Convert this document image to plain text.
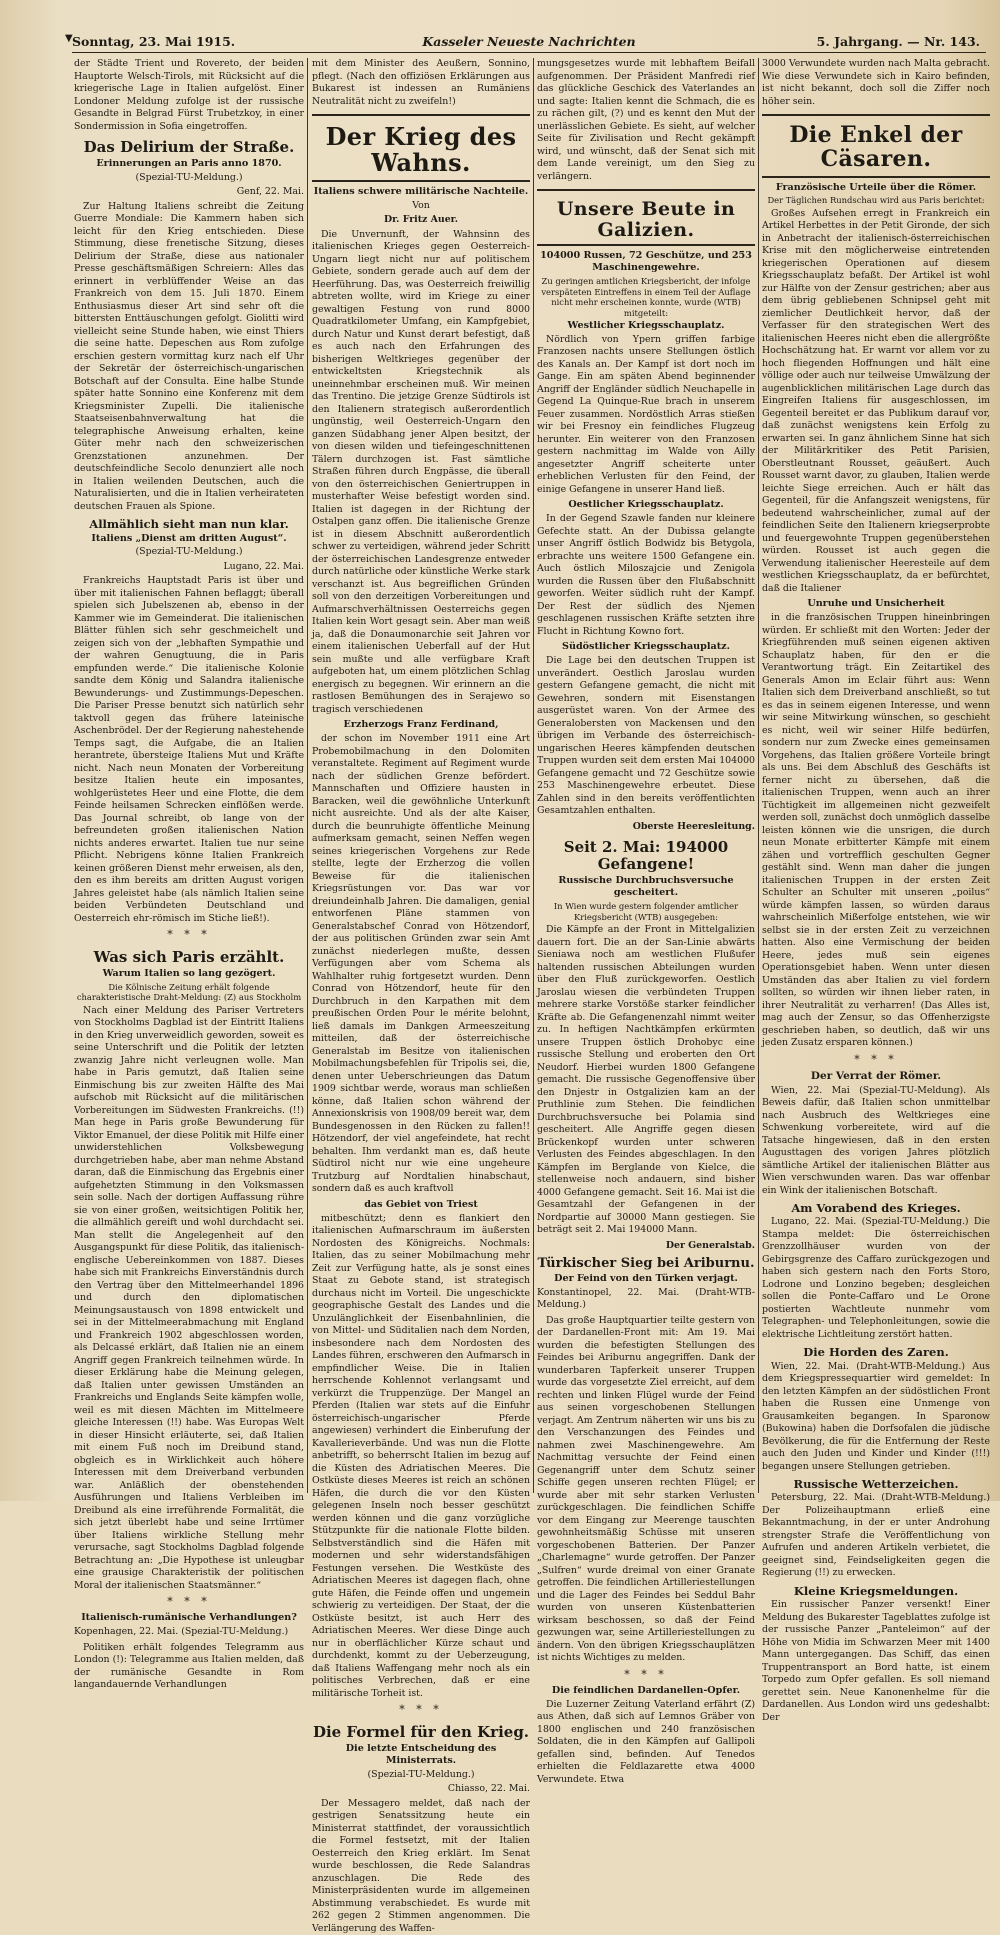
▼ Sonntag, 23. Mai 1915.	Kasseler Neueste Nachrichten	5. Jahrgang. — Nr. 143.

der Städte Trient und Rovereto, der beiden Hauptorte Welsch-Tirols, mit Rücksicht auf die kriegerische Lage in Italien aufgelöst. Einer Londoner Meldung zufolge ist der russische Gesandte in Belgrad Fürst Trubetzkoy, in einer Sondermission in Sofia eingetroffen.

Das Delirium der Straße.
Erinnerungen an Paris anno 1870.
(Spezial-TU-Meldung.)
Genf, 22. Mai.

Zur Haltung Italiens schreibt die Zeitung Guerre Mondiale: Die Kammern haben sich leicht für den Krieg entschieden. Diese Stimmung, diese frenetische Sitzung, dieses Delirium der Straße, diese aus nationaler Presse geschäftsmäßigen Schreiern: Alles das erinnert in verblüffender Weise an das Frankreich von dem 15. Juli 1870. Einem Enthusiasmus dieser Art sind sehr oft die bittersten Enttäuschungen gefolgt. Giolitti wird vielleicht seine Stunde haben, wie einst Thiers die seine hatte. Depeschen aus Rom zufolge erschien gestern vormittag kurz nach elf Uhr der Sekretär der österreichisch-ungarischen Botschaft auf der Consulta. Eine halbe Stunde später hatte Sonnino eine Konferenz mit dem Kriegsminister Zupelli. Die italienische Staatseisenbahnverwaltung hat die telegraphische Anweisung erhalten, keine Güter mehr nach den schweizerischen Grenzstationen anzunehmen. Der deutschfeindliche Secolo denunziert alle noch in Italien weilenden Deutschen, auch die Naturalisierten, und die in Italien verheirateten deutschen Frauen als Spione.

Allmählich sieht man nun klar.
Italiens „Dienst am dritten August“.
(Spezial-TU-Meldung.)
Lugano, 22. Mai.

Frankreichs Hauptstadt Paris ist über und über mit italienischen Fahnen beflaggt; überall spielen sich Jubelszenen ab, ebenso in der Kammer wie im Gemeinderat. Die italienischen Blätter fühlen sich sehr geschmeichelt und zeigen sich von der „lebhaften Sympathie und der wahren Genugtuung, die in Paris empfunden werde.“ Die italienische Kolonie sandte dem König und Salandra italienische Bewunderungs- und Zustimmungs-Depeschen. Die Pariser Presse benutzt sich natürlich sehr taktvoll gegen das frühere lateinische Aschenbrödel. Der der Regierung nahestehende Temps sagt, die Aufgabe, die an Italien herantrete, übersteige Italiens Mut und Kräfte nicht. Nach neun Monaten der Vorbereitung besitze Italien heute ein imposantes, wohlgerüstetes Heer und eine Flotte, die dem Feinde heilsamen Schrecken einflößen werde. Das Journal schreibt, ob lange von der befreundeten großen italienischen Nation nichts anderes erwartet. Italien tue nur seine Pflicht. Nebrigens könne Italien Frankreich keinen größeren Dienst mehr erweisen, als den, den es ihm bereits am dritten August vorigen Jahres geleistet habe (als nämlich Italien seine beiden Verbündeten Deutschland und Oesterreich ehr-römisch im Stiche ließ!).

* * *
Was sich Paris erzählt.
Warum Italien so lang gezögert.
Die Kölnische Zeitung erhält folgende charakteristische Draht-Meldung: (Z) aus Stockholm

Nach einer Meldung des Pariser Vertreters von Stockholms Dagblad ist der Eintritt Italiens in den Krieg unverweidlich geworden, soweit es seine Unterschrift und die Politik der letzten zwanzig Jahre nicht verleugnen wolle. Man habe in Paris gemutzt, daß Italien seine Einmischung bis zur zweiten Hälfte des Mai aufschob mit Rücksicht auf die militärischen Vorbereitungen im Südwesten Frankreichs. (!!) Man hege in Paris große Bewunderung für Viktor Emanuel, der diese Politik mit Hilfe einer unwiderstehlichen Volksbewegung durchgetrieben habe, aber man nehme Abstand daran, daß die Einmischung das Ergebnis einer aufgehetzten Stimmung in den Volksmassen sein solle. Nach der dortigen Auffassung rühre sie von einer großen, weitsichtigen Politik her, die allmählich gereift und wohl durchdacht sei. Man stellt die Angelegenheit auf den Ausgangspunkt für diese Politik, das italienisch-englische Uebereinkommen von 1887. Dieses habe sich mit Frankreichs Einverständnis durch den Vertrag über den Mittelmeerhandel 1896 und durch den diplomatischen Meinungsaustausch von 1898 entwickelt und sei in der Mittelmeerabmachung mit England und Frankreich 1902 abgeschlossen worden, als Delcassé erklärt, daß Italien nie an einem Angriff gegen Frankreich teilnehmen würde. In dieser Erklärung habe die Meinung gelegen, daß Italien unter gewissen Umständen an Frankreichs und Englands Seite kämpfen wolle, weil es mit diesen Mächten im Mittelmeere gleiche Interessen (!!) habe. Was Europas Welt in dieser Hinsicht erläuterte, sei, daß Italien mit einem Fuß noch im Dreibund stand, obgleich es in Wirklichkeit auch höhere Interessen mit dem Dreiverband verbunden war. Anläßlich der obenstehenden Ausführungen und Italiens Verbleiben im Dreibund als eine irreführende Formalität, die sich jetzt überlebt habe und seine Irrtümer über Italiens wirkliche Stellung mehr verursache, sagt Stockholms Dagblad folgende Betrachtung an: „Die Hypothese ist unleugbar eine grausige Charakteristik der politischen Moral der italienischen Staatsmänner.“

* * *
Italienisch-rumänische Verhandlungen?

Kopenhagen, 22. Mai. (Spezial-TU-Meldung.)

Politiken erhält folgendes Telegramm aus London (!): Telegramme aus Italien melden, daß der rumänische Gesandte in Rom langandauernde Verhandlungen

mit dem Minister des Aeußern, Sonnino, pflegt. (Nach den offiziösen Erklärungen aus Bukarest ist indessen an Rumäniens Neutralität nicht zu zweifeln!)

Der Krieg des Wahns.
Italiens schwere militärische Nachteile.
Von
Dr. Fritz Auer.

Die Unvernunft, der Wahnsinn des italienischen Krieges gegen Oesterreich-Ungarn liegt nicht nur auf politischem Gebiete, sondern gerade auch auf dem der Heerführung. Das, was Oesterreich freiwillig abtreten wollte, wird im Kriege zu einer gewaltigen Festung von rund 8000 Quadratkilometer Umfang, ein Kampfgebiet, durch Natur und Kunst derart befestigt, daß es auch nach den Erfahrungen des bisherigen Weltkrieges gegenüber der entwickeltsten Kriegstechnik als uneinnehmbar erscheinen muß. Wir meinen das Trentino. Die jetzige Grenze Südtirols ist den Italienern strategisch außerordentlich ungünstig, weil Oesterreich-Ungarn den ganzen Südabhang jener Alpen besitzt, der von diesen wilden und tiefeingeschnittenen Tälern durchzogen ist. Fast sämtliche Straßen führen durch Engpässe, die überall von den österreichischen Geniertruppen in musterhafter Weise befestigt worden sind. Italien ist dagegen in der Richtung der Ostalpen ganz offen. Die italienische Grenze ist in diesem Abschnitt außerordentlich schwer zu verteidigen, während jeder Schritt der österreichischen Landesgrenze entweder durch natürliche oder künstliche Werke stark verschanzt ist. Aus begreiflichen Gründen soll von den derzeitigen Vorbereitungen und Aufmarschverhältnissen Oesterreichs gegen Italien kein Wort gesagt sein. Aber man weiß ja, daß die Donaumonarchie seit Jahren vor einem italienischen Ueberfall auf der Hut sein mußte und alle verfügbare Kraft aufgeboten hat, um einem plötzlichen Schlag energisch zu begegnen. Wir erinnern an die rastlosen Bemühungen des in Serajewo so tragisch verschiedenen

Erzherzogs Franz Ferdinand,

der schon im November 1911 eine Art Probemobilmachung in den Dolomiten veranstaltete. Regiment auf Regiment wurde nach der südlichen Grenze befördert. Mannschaften und Offiziere hausten in Baracken, weil die gewöhnliche Unterkunft nicht ausreichte. Und als der alte Kaiser, durch die beunruhigte öffentliche Meinung aufmerksam gemacht, seinen Neffen wegen seines kriegerischen Vorgehens zur Rede stellte, legte der Erzherzog die vollen Beweise für die italienischen Kriegsrüstungen vor. Das war vor dreiundeinhalb Jahren. Die damaligen, genial entworfenen Pläne stammen von Generalstabschef Conrad von Hötzendorf, der aus politischen Gründen zwar sein Amt zunächst niederlegen mußte, dessen Verfügungen aber vom Schema als Wahlhalter ruhig fortgesetzt wurden. Denn Conrad von Hötzendorf, heute für den Durchbruch in den Karpathen mit dem preußischen Orden Pour le mérite belohnt, ließ damals im Dankgen Armeeszeitung mitteilen, daß der österreichische Generalstab im Besitze von italienischen Mobilmachungsbefehlen für Tripolis sei, die, denen unter Ueberschrieungen das Datum 1909 sichtbar werde, woraus man schließen könne, daß Italien schon während der Annexionskrisis von 1908/09 bereit war, dem Bundesgenossen in den Rücken zu fallen!! Hötzendorf, der viel angefeindete, hat recht behalten. Ihm verdankt man es, daß heute Südtirol nicht nur wie eine ungeheure Trutzburg auf Nordtalien hinabschaut, sondern daß es auch kraftvoll

das Gebiet von Triest

mitbeschützt; denn es flankiert den italienischen Aufmarschraum im äußersten Nordosten des Königreichs. Nochmals: Italien, das zu seiner Mobilmachung mehr Zeit zur Verfügung hatte, als je sonst eines Staat zu Gebote stand, ist strategisch durchaus nicht im Vorteil. Die ungeschickte geographische Gestalt des Landes und die Unzulänglichkeit der Eisenbahnlinien, die von Mittel- und Süditalien nach dem Norden, insbesondere nach dem Nordosten des Landes führen, erschweren den Aufmarsch in empfindlicher Weise. Die in Italien herrschende Kohlennot verlangsamt und verkürzt die Truppenzüge. Der Mangel an Pferden (Italien war stets auf die Einfuhr österreichisch-ungarischer Pferde angewiesen) verhindert die Einberufung der Kavallerieverbände. Und was nun die Flotte anbetrifft, so beherrscht Italien im bezug auf die Küsten des Adriatischen Meeres. Die Ostküste dieses Meeres ist reich an schönen Häfen, die durch die vor den Küsten gelegenen Inseln noch besser geschützt werden können und die ganz vorzügliche Stützpunkte für die nationale Flotte bilden. Selbstverständlich sind die Häfen mit modernen und sehr widerstandsfähigen Festungen versehen. Die Westküste des Adriatischen Meeres ist dagegen flach, ohne gute Häfen, die Feinde offen und ungemein schwierig zu verteidigen. Der Staat, der die Ostküste besitzt, ist auch Herr des Adriatischen Meeres. Wer diese Dinge auch nur in oberflächlicher Kürze schaut und durchdenkt, kommt zu der Ueberzeugung, daß Italiens Waffengang mehr noch als ein politisches Verbrechen, daß er eine militärische Torheit ist.

* * *
Die Formel für den Krieg.
Die letzte Entscheidung des Ministerrats.
(Spezial-TU-Meldung.)
Chiasso, 22. Mai.

Der Messagero meldet, daß nach der gestrigen Senatssitzung heute ein Ministerrat stattfindet, der voraussichtlich die Formel festsetzt, mit der Italien Oesterreich den Krieg erklärt. Im Senat wurde beschlossen, die Rede Salandras anzuschlagen. Die Rede des Ministerpräsidenten wurde im allgemeinen Abstimmung verabschiedet. Es wurde mit 262 gegen 2 Stimmen angenommen. Die Verlängerung des Waffen-

mungsgesetzes wurde mit lebhaftem Beifall aufgenommen. Der Präsident Manfredi rief das glückliche Geschick des Vaterlandes an und sagte: Italien kennt die Schmach, die es zu rächen gilt, (?) und es kennt den Mut der unerlässlichen Gebiete. Es sieht, auf welcher Seite für Zivilisation und Recht gekämpft wird, und wünscht, daß der Senat sich mit dem Lande vereinigt, um den Sieg zu verlängern.

Unsere Beute in Galizien.
104000 Russen, 72 Geschütze, und 253 Maschinengewehre.
Zu geringen amtlichen Kriegsbericht, der infolge verspäteten Eintreffens in einem Teil der Auflage nicht mehr erscheinen konnte, wurde (WTB) mitgeteilt:
Westlicher Kriegsschauplatz.

Nördlich von Ypern griffen farbige Franzosen nachts unsere Stellungen östlich des Kanals an. Der Kampf ist dort noch im Gange. Ein am späten Abend beginnender Angriff der Engländer südlich Neuchapelle in Gegend La Quinque-Rue brach in unserem Feuer zusammen. Nordöstlich Arras stießen wir bei Fresnoy ein feindliches Flugzeug herunter. Ein weiterer von den Franzosen gestern nachmittag im Walde von Ailly angesetzter Angriff scheiterte unter erheblichen Verlusten für den Feind, der einige Gefangene in unserer Hand ließ.

Oestlicher Kriegsschauplatz.

In der Gegend Szawle fanden nur kleinere Gefechte statt. An der Dubissa gelangte unser Angriff östlich Bodwidz bis Betygola, erbrachte uns weitere 1500 Gefangene ein. Auch östlich Miloszajcie und Zenigola wurden die Russen über den Flußabschnitt geworfen. Weiter südlich ruht der Kampf. Der Rest der südlich des Njemen geschlagenen russischen Kräfte setzten ihre Flucht in Richtung Kowno fort.

Südöstlicher Kriegsschauplatz.

Die Lage bei den deutschen Truppen ist unverändert. Oestlich Jaroslau wurden gestern Gefangene gemacht, die nicht mit Gewehren, sondern mit Eisenstangen ausgerüstet waren. Von der Armee des Generalobersten von Mackensen und den übrigen im Verbande des österreichisch-ungarischen Heeres kämpfenden deutschen Truppen wurden seit dem ersten Mai 104000 Gefangene gemacht und 72 Geschütze sowie 253 Maschinengewehre erbeutet. Diese Zahlen sind in den bereits veröffentlichten Gesamtzahlen enthalten.

Oberste Heeresleitung.
Seit 2. Mai: 194000 Gefangene!
Russische Durchbruchsversuche gescheitert.
In Wien wurde gestern folgender amtlicher Kriegsbericht (WTB) ausgegeben:

Die Kämpfe an der Front in Mittelgalizien dauern fort. Die an der San-Linie abwärts Sieniawa noch am westlichen Flußufer haltenden russischen Abteilungen wurden über den Fluß zurückgeworfen. Oestlich Jaroslau wiesen die verbündeten Truppen mehrere starke Vorstöße starker feindlicher Kräfte ab. Die Gefangenenzahl nimmt weiter zu. In heftigen Nachtkämpfen erkürmten unsere Truppen östlich Drohobyc eine russische Stellung und eroberten den Ort Neudorf. Hierbei wurden 1800 Gefangene gemacht. Die russische Gegenoffensive über den Dnjestr in Ostgalizien kam an der Pruthlinie zum Stehen. Die feindlichen Durchbruchsversuche bei Polamia sind gescheitert. Alle Angriffe gegen diesen Brückenkopf wurden unter schweren Verlusten des Feindes abgeschlagen. In den Kämpfen im Berglande von Kielce, die stellenweise noch andauern, sind bisher 4000 Gefangene gemacht. Seit 16. Mai ist die Gesamtzahl der Gefangenen in der Nordpartie auf 30000 Mann gestiegen. Sie beträgt seit 2. Mai 194000 Mann.

Der Generalstab.
Türkischer Sieg bei Ariburnu.
Der Feind von den Türken verjagt.

Konstantinopel, 22. Mai. (Draht-WTB-Meldung.)

Das große Hauptquartier teilte gestern von der Dardanellen-Front mit: Am 19. Mai wurden die befestigten Stellungen des Feindes bei Ariburnu angegriffen. Dank der wunderbaren Tapferkeit unserer Truppen wurde das vorgesetzte Ziel erreicht, auf dem rechten und linken Flügel wurde der Feind aus seinen vorgeschobenen Stellungen verjagt. Am Zentrum näherten wir uns bis zu den Verschanzungen des Feindes und nahmen zwei Maschinengewehre. Am Nachmittag versuchte der Feind einen Gegenangriff unter dem Schutz seiner Schiffe gegen unseren rechten Flügel; er wurde aber mit sehr starken Verlusten zurückgeschlagen. Die feindlichen Schiffe vor dem Eingang zur Meerenge tauschten gewohnheitsmäßig Schüsse mit unseren vorgeschobenen Batterien. Der Panzer „Charlemagne“ wurde getroffen. Der Panzer „Sulfren“ wurde dreimal von einer Granate getroffen. Die feindlichen Artilleriestellungen und die Lager des Feindes bei Seddul Bahr wurden von unseren Küstenbatterien wirksam beschossen, so daß der Feind gezwungen war, seine Artilleriestellungen zu ändern. Von den übrigen Kriegsschauplätzen ist nichts Wichtiges zu melden.

* * *
Die feindlichen Dardanellen-Opfer.

Die Luzerner Zeitung Vaterland erfährt (Z) aus Athen, daß sich auf Lemnos Gräber von 1800 englischen und 240 französischen Soldaten, die in den Kämpfen auf Gallipoli gefallen sind, befinden. Auf Tenedos erhielten die Feldlazarette etwa 4000 Verwundete. Etwa

3000 Verwundete wurden nach Malta gebracht. Wie diese Verwundete sich in Kairo befinden, ist nicht bekannt, doch soll die Ziffer noch höher sein.

Die Enkel der Cäsaren.
Französische Urteile über die Römer.
Der Täglichen Rundschau wird aus Paris berichtet:

Großes Aufsehen erregt in Frankreich ein Artikel Herbettes in der Petit Gironde, der sich in Anbetracht der italienisch-österreichischen Krise mit den möglicherweise eintretenden kriegerischen Operationen auf diesem Kriegsschauplatz befaßt. Der Artikel ist wohl zur Hälfte von der Zensur gestrichen; aber aus dem übrig gebliebenen Schnipsel geht mit ziemlicher Deutlichkeit hervor, daß der Verfasser für den strategischen Wert des italienischen Heeres nicht eben die allergrößte Hochschätzung hat. Er warnt vor allem vor zu hoch fliegenden Hoffnungen und hält eine völlige oder auch nur teilweise Umwälzung der augenblicklichen militärischen Lage durch das Eingreifen Italiens für ausgeschlossen, im Gegenteil bereitet er das Publikum darauf vor, daß zunächst wenigstens kein Erfolg zu erwarten sei. In ganz ähnlichem Sinne hat sich der Militärkritiker des Petit Parisien, Oberstleutnant Rousset, geäußert. Auch Rousset warnt davor, zu glauben, Italien werde leichte Siege erreichen. Auch er hält das Gegenteil, für die Anfangszeit wenigstens, für bedeutend wahrscheinlicher, zumal auf der feindlichen Seite den Italienern kriegserprobte und feuergewohnte Truppen gegenüberstehen würden. Rousset ist auch gegen die Verwendung italienischer Heeresteile auf dem westlichen Kriegsschauplatz, da er befürchtet, daß die Italiener

Unruhe und Unsicherheit

in die französischen Truppen hineinbringen würden. Er schließt mit den Worten: Jeder der Kriegführenden muß seinen eigenen aktiven Schauplatz haben, für den er die Verantwortung trägt. Ein Zeitartikel des Generals Amon im Eclair führt aus: Wenn Italien sich dem Dreiverband anschließt, so tut es das in seinem eigenen Interesse, und wenn wir seine Mitwirkung wünschen, so geschieht es nicht, weil wir seiner Hilfe bedürfen, sondern nur zum Zwecke eines gemeinsamen Vorgehens, das Italien größere Vorteile bringt als uns. Bei dem Abschluß des Geschäfts ist ferner nicht zu übersehen, daß die italienischen Truppen, wenn auch an ihrer Tüchtigkeit im allgemeinen nicht gezweifelt werden soll, zunächst doch unmöglich dasselbe leisten können wie die unsrigen, die durch neun Monate erbitterter Kämpfe mit einem zähen und vortrefflich geschulten Gegner gestählt sind. Wenn man daher die jungen italienischen Truppen in der ersten Zeit Schulter an Schulter mit unseren „poilus“ würde kämpfen lassen, so würden daraus wahrscheinlich Mißerfolge entstehen, wie wir selbst sie in der ersten Zeit zu verzeichnen hatten. Also eine Vermischung der beiden Heere, jedes muß sein eigenes Operationsgebiet haben. Wenn unter diesen Umständen das aber Italien zu viel fordern sollten, so würden wir ihnen lieber raten, in ihrer Neutralität zu verharren! (Das Alles ist, mag auch der Zensur, so das Offenherzigste geschrieben haben, so deutlich, daß wir uns jeden Zusatz ersparen können.)

* * *
Der Verrat der Römer.

Wien, 22. Mai (Spezial-TU-Meldung). Als Beweis dafür, daß Italien schon unmittelbar nach Ausbruch des Weltkrieges eine Schwenkung vorbereitete, wird auf die Tatsache hingewiesen, daß in den ersten Augusttagen des vorigen Jahres plötzlich sämtliche Artikel der italienischen Blätter aus Wien verschwunden waren. Das war offenbar ein Wink der italienischen Botschaft.

Am Vorabend des Krieges.

Lugano, 22. Mai. (Spezial-TU-Meldung.) Die Stampa meldet: Die österreichischen Grenzzollhäuser wurden von der Gebirgsgrenze des Caffaro zurückgezogen und haben sich gestern nach den Forts Storo, Lodrone und Lonzino begeben; desgleichen sollen die Ponte-Caffaro und Le Orone postierten Wachtleute nunmehr vom Telegraphen- und Telephonleitungen, sowie die elektrische Lichtleitung zerstört hatten.

Die Horden des Zaren.

Wien, 22. Mai. (Draht-WTB-Meldung.) Aus dem Kriegspressequartier wird gemeldet: In den letzten Kämpfen an der südöstlichen Front haben die Russen eine Unmenge von Grausamkeiten begangen. In Sparonow (Bukowina) haben die Dorfsofalen die jüdische Bevölkerung, die für die Entfernung der Reste auch den Juden und Kinder und Kinder (!!!) begangen unsere Stellungen getrieben.

Russische Wetterzeichen.

Petersburg, 22. Mai. (Draht-WTB-Meldung.) Der Polizeihauptmann erließ eine Bekanntmachung, in der er unter Androhung strengster Strafe die Veröffentlichung von Aufrufen und anderen Artikeln verbietet, die geeignet sind, Feindseligkeiten gegen die Regierung (!!) zu erwecken.

Kleine Kriegsmeldungen.

Ein russischer Panzer versenkt! Einer Meldung des Bukarester Tageblattes zufolge ist der russische Panzer „Panteleimon“ auf der Höhe von Midia im Schwarzen Meer mit 1400 Mann untergegangen. Das Schiff, das einen Truppentransport an Bord hatte, ist einem Torpedo zum Opfer gefallen. Es soll niemand gerettet sein. Neue Kanonenhelme für die Dardanellen. Aus London wird uns gedeshalbt: Der
